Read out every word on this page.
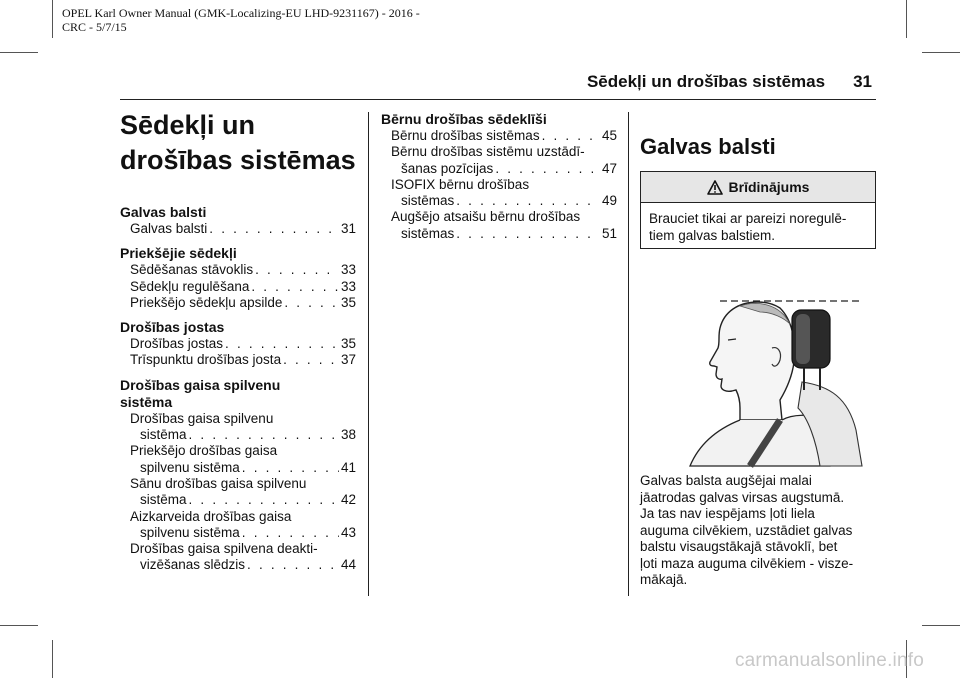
OPEL Karl Owner Manual (GMK-Localizing-EU LHD-9231167) - 2016 -
CRC - 5/7/15
Sēdekļi un drošības sistēmas 31
Sēdekļi un
drošības sistēmas
Galvas balsti
Galvas balsti . . .	31
Priekšējie sēdekļi
Sēdēšanas stāvoklis . . .	33
Sēdekļu regulēšana . . .	33
Priekšējo sēdekļu apsilde . . .	35
Drošības jostas
Drošības jostas . . .	35
Trīspunktu drošības josta . . .	37
Drošības gaisa spilvenu
sistēma
Drošības gaisa spilvenu
sistēma . . .	38
Priekšējo drošības gaisa
spilvenu sistēma . . .	41
Sānu drošības gaisa spilvenu
sistēma . . .	42
Aizkarveida drošības gaisa
spilvenu sistēma . . .	43
Drošības gaisa spilvena deakti-
vizēšanas slēdzis . . .	44
Bērnu drošības sēdeklīši
Bērnu drošības sistēmas . . .	45
Bērnu drošības sistēmu uzstādī-
šanas pozīcijas . . .	47
ISOFIX bērnu drošības
sistēmas . . .	49
Augšējo atsaišu bērnu drošības
sistēmas . . .	51
Galvas balsti
Brīdinājums
Brauciet tikai ar pareizi noregulē-
tiem galvas balstiem.
Galvas balsta augšējai malai
jāatrodas galvas virsas augstumā.
Ja tas nav iespējams ļoti liela
auguma cilvēkiem, uzstādiet galvas
balstu visaugstākajā stāvoklī, bet
ļoti maza auguma cilvēkiem - visze-
mākajā.
carmanualsonline.info
